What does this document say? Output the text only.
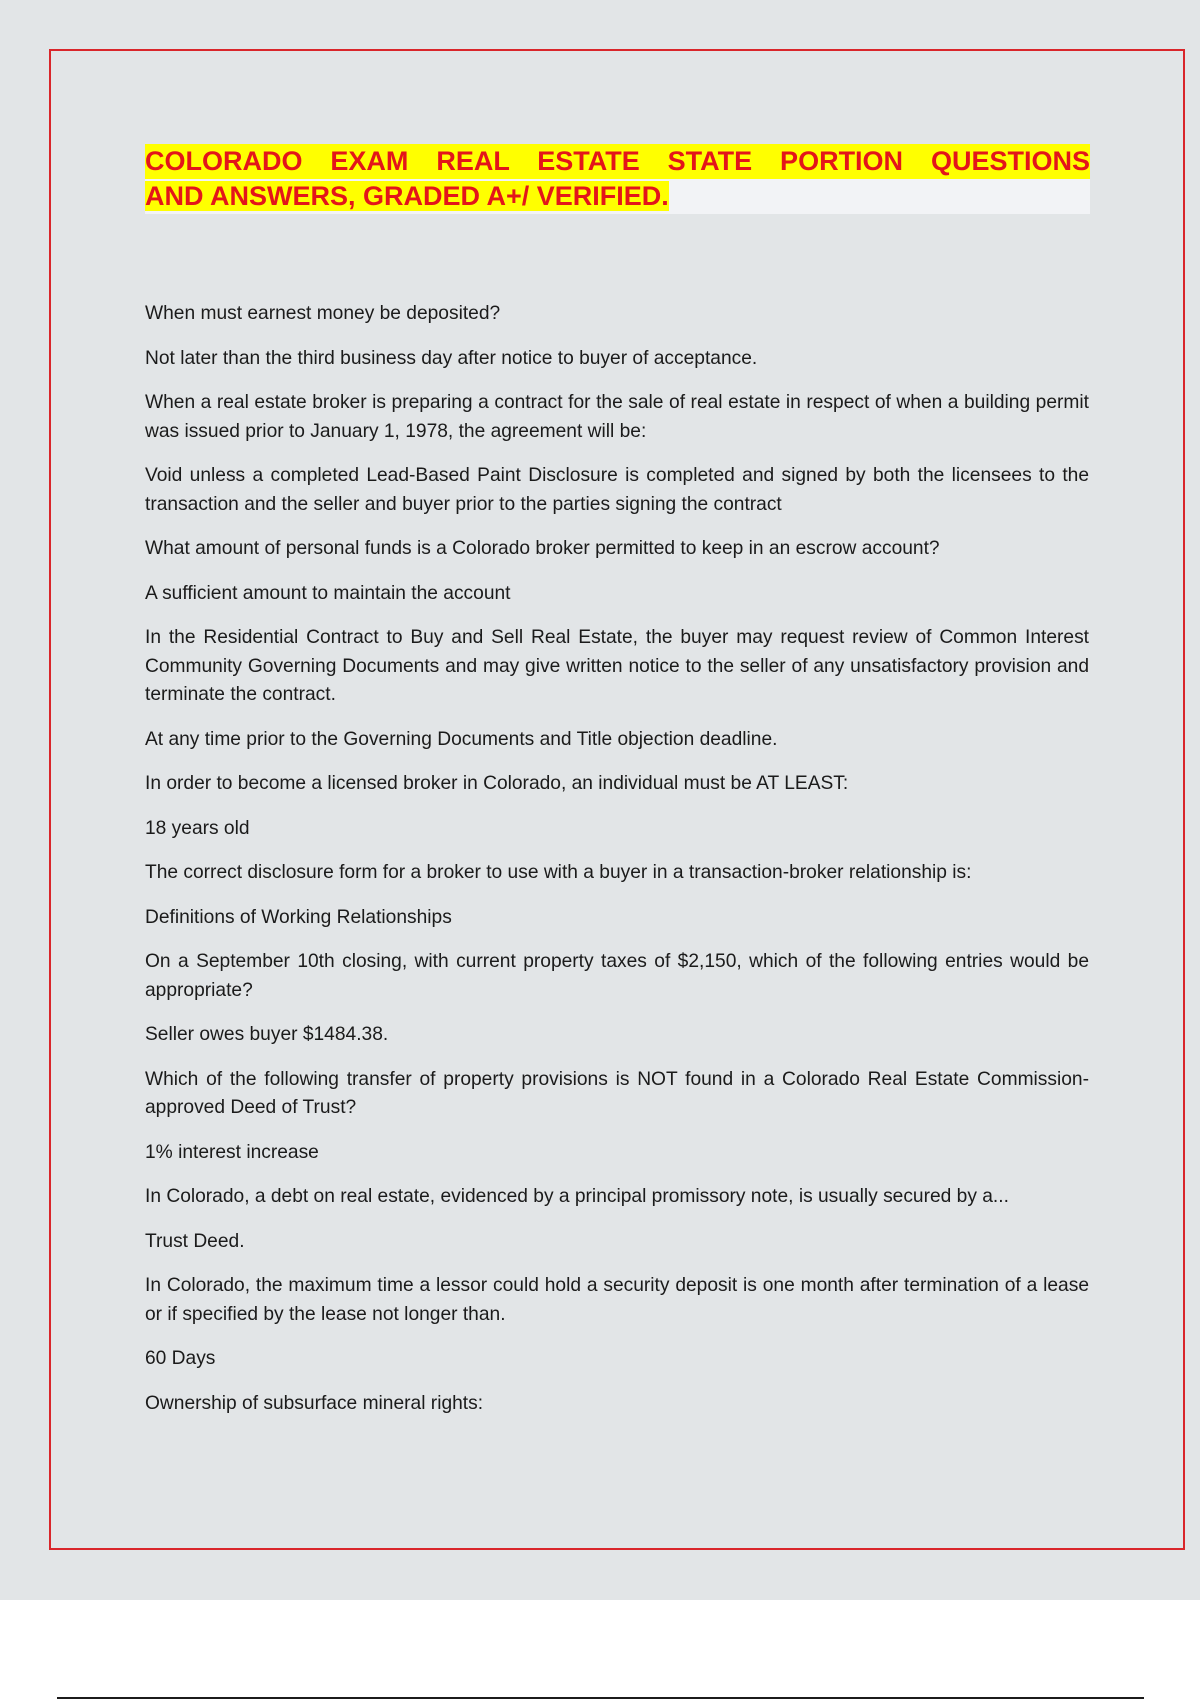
COLORADO EXAM REAL ESTATE STATE PORTION QUESTIONS
AND ANSWERS, GRADED A+/ VERIFIED.
When must earnest money be deposited?
Not later than the third business day after notice to buyer of acceptance.
When a real estate broker is preparing a contract for the sale of real estate in respect of when a building permit was issued prior to January 1, 1978, the agreement will be:
Void unless a completed Lead-Based Paint Disclosure is completed and signed by both the licensees to the transaction and the seller and buyer prior to the parties signing the contract
What amount of personal funds is a Colorado broker permitted to keep in an escrow account?
A sufficient amount to maintain the account
In the Residential Contract to Buy and Sell Real Estate, the buyer may request review of Common Interest Community Governing Documents and may give written notice to the seller of any unsatisfactory provision and terminate the contract.
At any time prior to the Governing Documents and Title objection deadline.
In order to become a licensed broker in Colorado, an individual must be AT LEAST:
18 years old
The correct disclosure form for a broker to use with a buyer in a transaction-broker relationship is:
Definitions of Working Relationships
On a September 10th closing, with current property taxes of $2,150, which of the following entries would be appropriate?
Seller owes buyer $1484.38.
Which of the following transfer of property provisions is NOT found in a Colorado Real Estate Commission-approved Deed of Trust?
1% interest increase
In Colorado, a debt on real estate, evidenced by a principal promissory note, is usually secured by a...
Trust Deed.
In Colorado, the maximum time a lessor could hold a security deposit is one month after termination of a lease or if specified by the lease not longer than.
60 Days
Ownership of subsurface mineral rights:
